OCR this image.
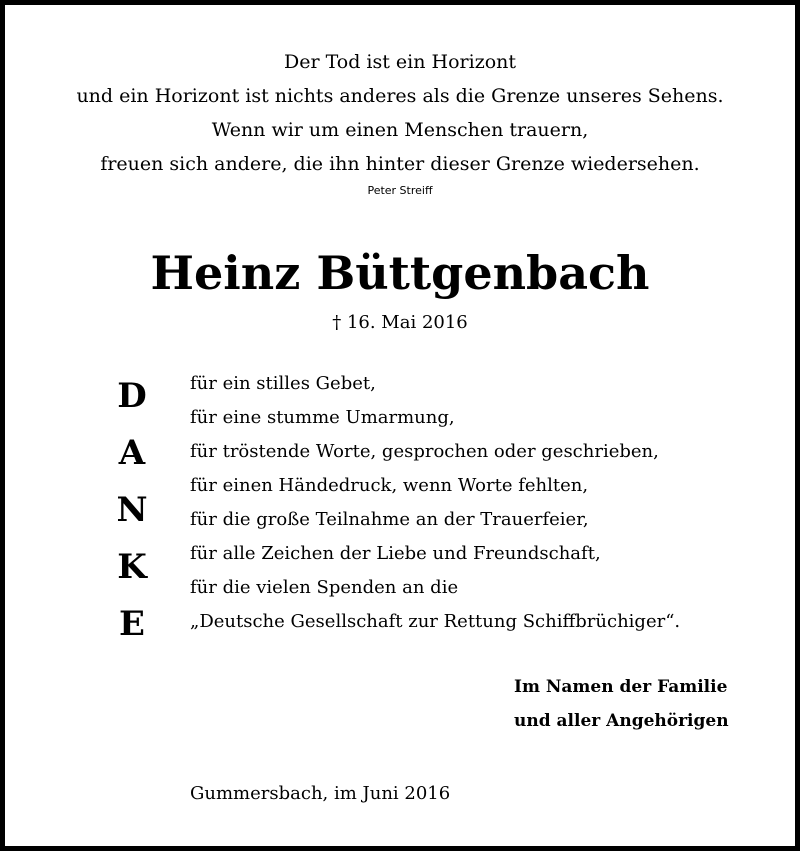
Der Tod ist ein Horizont
und ein Horizont ist nichts anderes als die Grenze unseres Sehens.
Wenn wir um einen Menschen trauern,
freuen sich andere, die ihn hinter dieser Grenze wiedersehen.
Peter Streiff
Heinz Büttgenbach
† 16. Mai 2016
D
A
N
K
E
für ein stilles Gebet,
für eine stumme Umarmung,
für tröstende Worte, gesprochen oder geschrieben,
für einen Händedruck, wenn Worte fehlten,
für die große Teilnahme an der Trauerfeier,
für alle Zeichen der Liebe und Freundschaft,
für die vielen Spenden an die
„Deutsche Gesellschaft zur Rettung Schiffbrüchiger“.
Im Namen der Familie
und aller Angehörigen
Gummersbach, im Juni 2016
